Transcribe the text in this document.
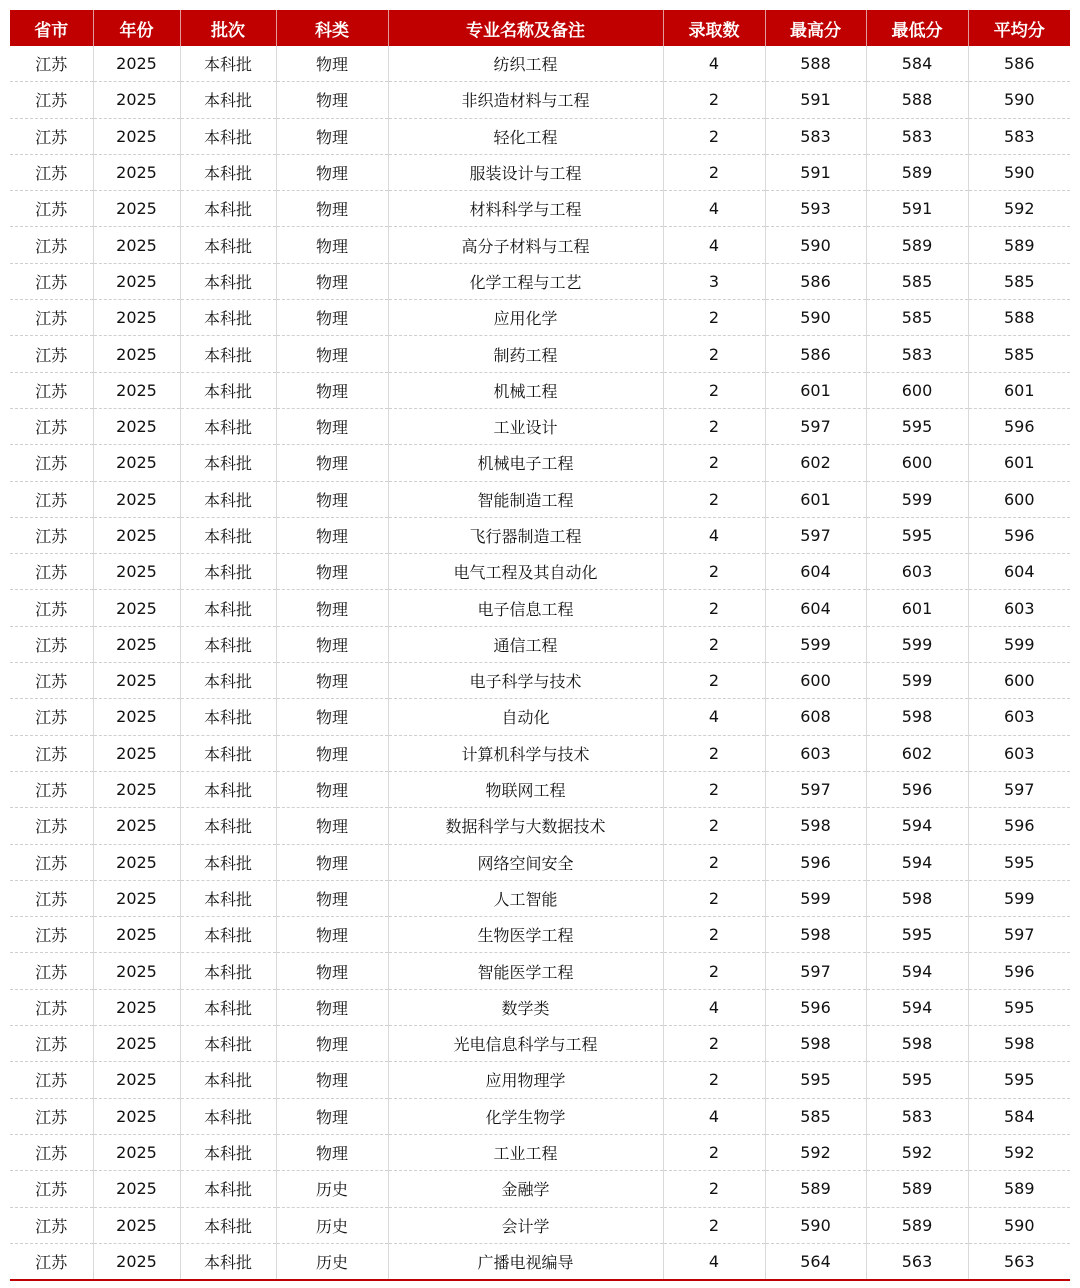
省市	年份	批次	科类	专业名称及备注	录取数	最高分	最低分	平均分
江苏	2025	本科批	物理	纺织工程	4	588	584	586
江苏	2025	本科批	物理	非织造材料与工程	2	591	588	590
江苏	2025	本科批	物理	轻化工程	2	583	583	583
江苏	2025	本科批	物理	服装设计与工程	2	591	589	590
江苏	2025	本科批	物理	材料科学与工程	4	593	591	592
江苏	2025	本科批	物理	高分子材料与工程	4	590	589	589
江苏	2025	本科批	物理	化学工程与工艺	3	586	585	585
江苏	2025	本科批	物理	应用化学	2	590	585	588
江苏	2025	本科批	物理	制药工程	2	586	583	585
江苏	2025	本科批	物理	机械工程	2	601	600	601
江苏	2025	本科批	物理	工业设计	2	597	595	596
江苏	2025	本科批	物理	机械电子工程	2	602	600	601
江苏	2025	本科批	物理	智能制造工程	2	601	599	600
江苏	2025	本科批	物理	飞行器制造工程	4	597	595	596
江苏	2025	本科批	物理	电气工程及其自动化	2	604	603	604
江苏	2025	本科批	物理	电子信息工程	2	604	601	603
江苏	2025	本科批	物理	通信工程	2	599	599	599
江苏	2025	本科批	物理	电子科学与技术	2	600	599	600
江苏	2025	本科批	物理	自动化	4	608	598	603
江苏	2025	本科批	物理	计算机科学与技术	2	603	602	603
江苏	2025	本科批	物理	物联网工程	2	597	596	597
江苏	2025	本科批	物理	数据科学与大数据技术	2	598	594	596
江苏	2025	本科批	物理	网络空间安全	2	596	594	595
江苏	2025	本科批	物理	人工智能	2	599	598	599
江苏	2025	本科批	物理	生物医学工程	2	598	595	597
江苏	2025	本科批	物理	智能医学工程	2	597	594	596
江苏	2025	本科批	物理	数学类	4	596	594	595
江苏	2025	本科批	物理	光电信息科学与工程	2	598	598	598
江苏	2025	本科批	物理	应用物理学	2	595	595	595
江苏	2025	本科批	物理	化学生物学	4	585	583	584
江苏	2025	本科批	物理	工业工程	2	592	592	592
江苏	2025	本科批	历史	金融学	2	589	589	589
江苏	2025	本科批	历史	会计学	2	590	589	590
江苏	2025	本科批	历史	广播电视编导	4	564	563	563
